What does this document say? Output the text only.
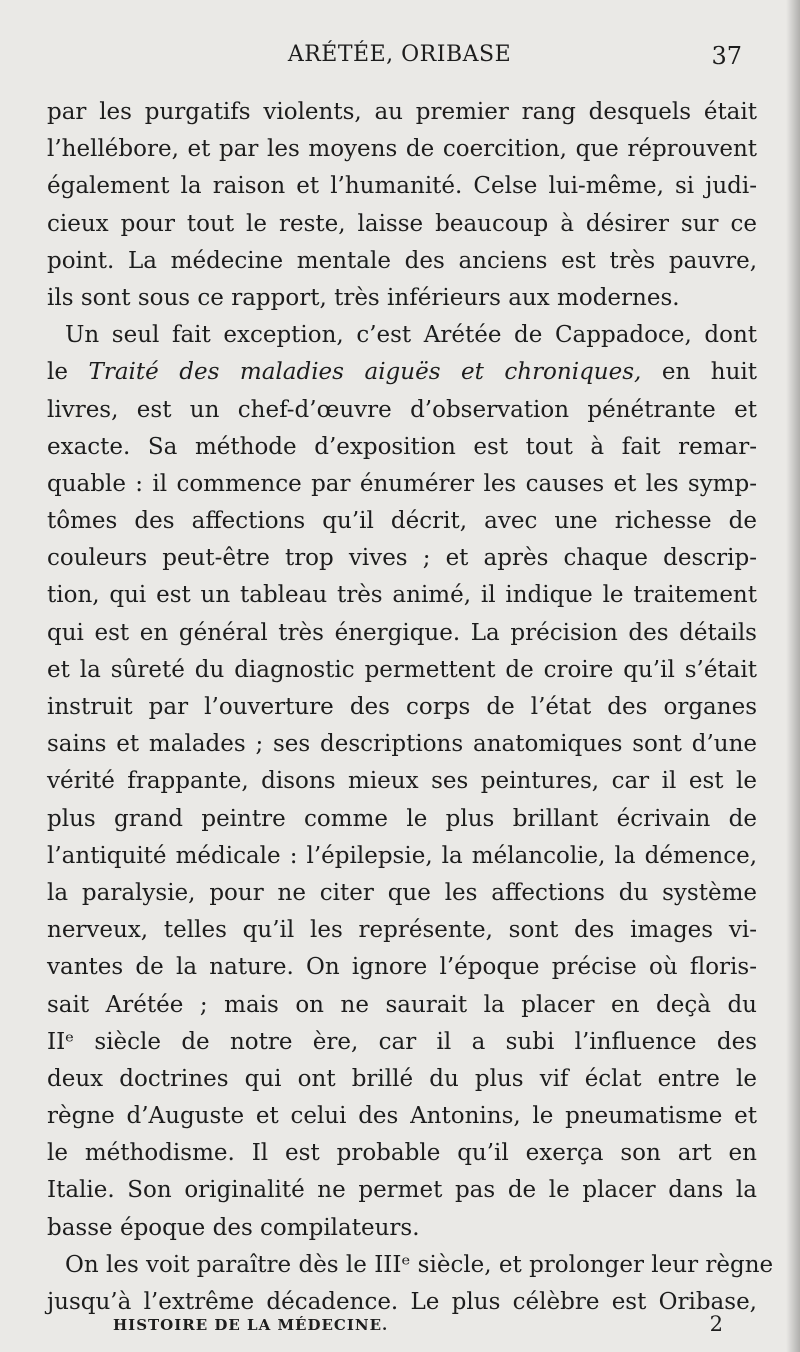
ARÉTÉE, ORIBASE	37
par les purgatifs violents, au premier rang desquels était
l’hellébore, et par les moyens de coercition, que réprouvent
également la raison et l’humanité. Celse lui-même, si judi-
cieux pour tout le reste, laisse beaucoup à désirer sur ce
point. La médecine mentale des anciens est très pauvre,
ils sont sous ce rapport, très inférieurs aux modernes.
Un seul fait exception, c’est Arétée de Cappadoce, dont
le Traité des maladies aiguës et chroniques, en huit
livres, est un chef-d’œuvre d’observation pénétrante et
exacte. Sa méthode d’exposition est tout à fait remar-
quable : il commence par énumérer les causes et les symp-
tômes des affections qu’il décrit, avec une richesse de
couleurs peut-être trop vives ; et après chaque descrip-
tion, qui est un tableau très animé, il indique le traitement
qui est en général très énergique. La précision des détails
et la sûreté du diagnostic permettent de croire qu’il s’était
instruit par l’ouverture des corps de l’état des organes
sains et malades ; ses descriptions anatomiques sont d’une
vérité frappante, disons mieux ses peintures, car il est le
plus grand peintre comme le plus brillant écrivain de
l’antiquité médicale : l’épilepsie, la mélancolie, la démence,
la paralysie, pour ne citer que les affections du système
nerveux, telles qu’il les représente, sont des images vi-
vantes de la nature. On ignore l’époque précise où floris-
sait Arétée ; mais on ne saurait la placer en deçà du
IIᵉ siècle de notre ère, car il a subi l’influence des
deux doctrines qui ont brillé du plus vif éclat entre le
règne d’Auguste et celui des Antonins, le pneumatisme et
le méthodisme. Il est probable qu’il exerça son art en
Italie. Son originalité ne permet pas de le placer dans la
basse époque des compilateurs.
On les voit paraître dès le IIIᵉ siècle, et prolonger leur règne
jusqu’à l’extrême décadence. Le plus célèbre est Oribase,
HISTOIRE DE LA MÉDECINE.	2
